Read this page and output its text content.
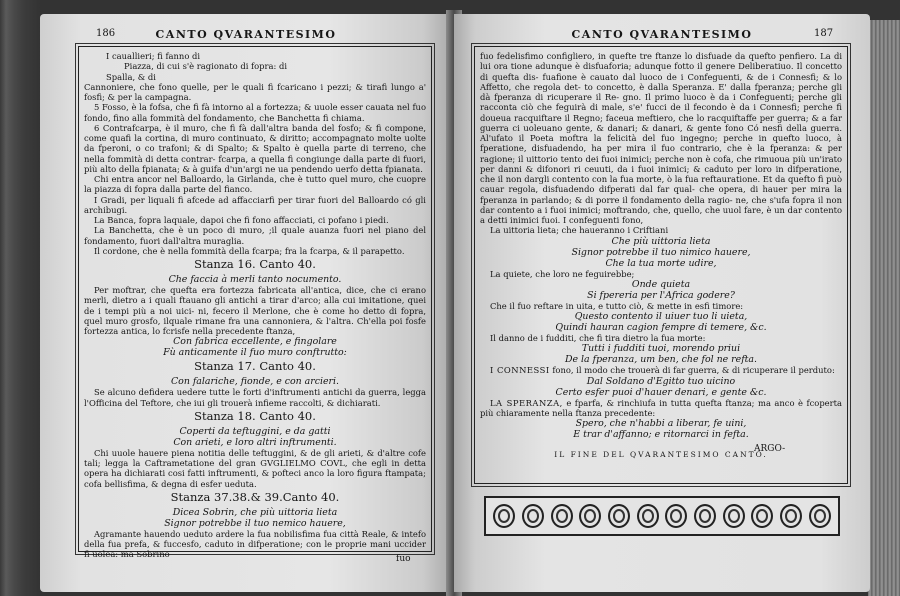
186	CANTO QVARANTESIMO

I cauallieri; fi fanno di

Piazza, di cui s'è ragionato di fopra: di

Spalla, & di

Cannoniere, che fono quelle, per le quali fi fcaricano i pezzi; & tirafi lungo a' fosfi; & per la campagna.

5 Fosso, è la fofsa, che fi fà intorno al a fortezza; & uuole esser cauata nel fuo fondo, fino alla fommità del fondamento, che Banchetta fi chiama.

6 Contrafcarpa, è il muro, che fi fà dall'altra banda del fosfo; & fi compone, come quafi la cortina, di muro continuato, & diritto; accompagnato molte uolte da fperoni, o co trafoni; & di Spalto; & Spalto è quella parte di terreno, che nella fommità di detta contrar- fcarpa, a quella fi congiunge dalla parte di fuori, più alto della fpianata; & à guifa d'un'argi ne ua pendendo uerfo detta fpianata.

Chi entra ancor nel Balloardo, la Girlanda, che è tutto quel muro, che cuopre la piazza di fopra dalla parte del fianco.

I Gradi, per liquali fi afcede ad affacciarfi per tirar fuori del Balloardo có gli archibugi.

La Banca, fopra laquale, dapoi che fi fono affacciati, ci pofano i piedi.

La Banchetta, che è un poco di muro, ;il quale auanza fuori nel piano del fondamento, fuori dall'altra muraglia.

Il cordone, che è nella fommità della fcarpa; fra la fcarpa, & il parapetto.

Stanza 16. Canto 40.
Che faccia à merli tanto nocumento.

Per moftrar, che quefta era fortezza fabricata all'antica, dice, che ci erano merli, dietro a i quali ftauano gli antichi a tirar d'arco; alla cui imitatione, quei de i tempi più a noi uici- ni, fecero il Merlone, che è come ho detto di fopra, quel muro grosfo, ilquale rimane fra una cannoniera, & l'altra. Ch'ella poi fosfe fortezza antica, lo fcrisfe nella precedente ftanza,

Con fabrica eccellente, e fingolare
Fù anticamente il fuo muro conftrutto:
Stanza 17. Canto 40.
Con falariche, fionde, e con arcieri.

Se alcuno defidera uedere tutte le forti d'inftrumenti antichi da guerra, legga l'Officina del Teftore, che iui gli trouerà infieme raccolti, & dichiarati.

Stanza 18. Canto 40.
Coperti da teftuggini, e da gatti
Con arieti, e loro altri inftrumenti.

Chi uuole hauere piena notitia delle teftuggini, & de gli arieti, & d'altre cofe tali; legga la Caftrametatione del gran GVGLIELMO COVL, che egli in detta opera ha dichiarati cosi fatti inftrumenti, & pofteci anco la loro figura ftampata; cofa bellisfima, & degna di esfer ueduta.

Stanza 37.38.& 39.Canto 40.
Dicea Sobrin, che più uittoria lieta
Signor potrebbe il tuo nemico hauere,

Agramante hauendo ueduto ardere la fua nobilisfima fua città Reale, & intefo della fua prefa, & fuccesfo, caduto in difperatione; con le proprie mani uccider fi uolea: ma Sobrino	fuo
CANTO QVARANTESIMO	187

fuo fedelisfimo configliero, in quefte tre ftanze lo disfuade da quefto penfiero. La di lui ora tione adunque è disfuaforia; adunque fotto il genere Deliberatiuo. Il concetto di quefta dis- fuafione è cauato dal luoco de i Confeguenti, & de i Connesfi; & lo Affetto, che regola det- to concetto, è dalla Speranza. E' dalla fperanza; perche gli dà fperanza di ricuperare il Re- gno. Il primo luoco è da i Confeguenti; perche gli racconta ciò che feguirà di male, s'e' fucci de il fecondo è da i Connesfi; perche fi doueua racquiftare il Regno; faceua meftiero, che lo racquiftaffe per guerra; & a far guerra ci uoleuano gente, & danari; & danari, & gente fono Có nesfi della guerra. Al'ufato il Poeta moftra la felicità del fuo ingegno; perche in quefto luoco, à fperatione, disfuadendo, ha per mira il fuo contrario, che è la fperanza: & per ragione; il uittorio tento dei fuoi inimici; perche non è cofa, che rimuoua più un'irato per danni & difonori ri ceuuti, da i fuoi inimici; & caduto per loro in difperatione, che il non dargli contento con la fua morte, ò la fua reftauratione. Et da quefto fi può cauar regola, disfuadendo difperati dal far qual- che opera, di hauer per mira la fperanza in parlando; & di porre il fondamento della ragio- ne, che s'ufa fopra il non dar contento a i fuoi inimici; moftrando, che, quello, che uuol fare, è un dar contento a detti inimici fuoi. I confeguenti fono,

La uittoria lieta; che haueranno i Criftiani

Che più uittoria lieta
Signor potrebbe il tuo nimico hauere,
Che la tua morte udire,

La quiete, che loro ne feguirebbe;

Onde quieta
Si fpereria per l'Africa godere?

Che il fuo reftare in uita, e tutto ciò, & mette in esfi timore:

Questo contento il uiuer tuo li uieta,
Quindi hauran cagion fempre di temere, &c.

Il danno de i fudditi, che fi tira dietro la fua morte:

Tutti i fudditi tuoi, morendo priui
De la fperanza, um ben, che fol ne refta.

I CONNESSI fono, il modo che trouerà di far guerra, & di ricuperare il perduto:

Dal Soldano d'Egitto tuo uicino
Certo esfer puoi d'hauer denari, e gente &c.

LA SPERANZA, e fparfa, & rinchiufa in tutta quefta ftanza; ma anco è fcoperta più chiaramente nella ftanza precedente:

Spero, che n'habbi a liberar, fe uini,
E trar d'affanno; e ritornarci in fefta.
IL FINE DEL QVARANTESIMO CANTO.
ARGO-
